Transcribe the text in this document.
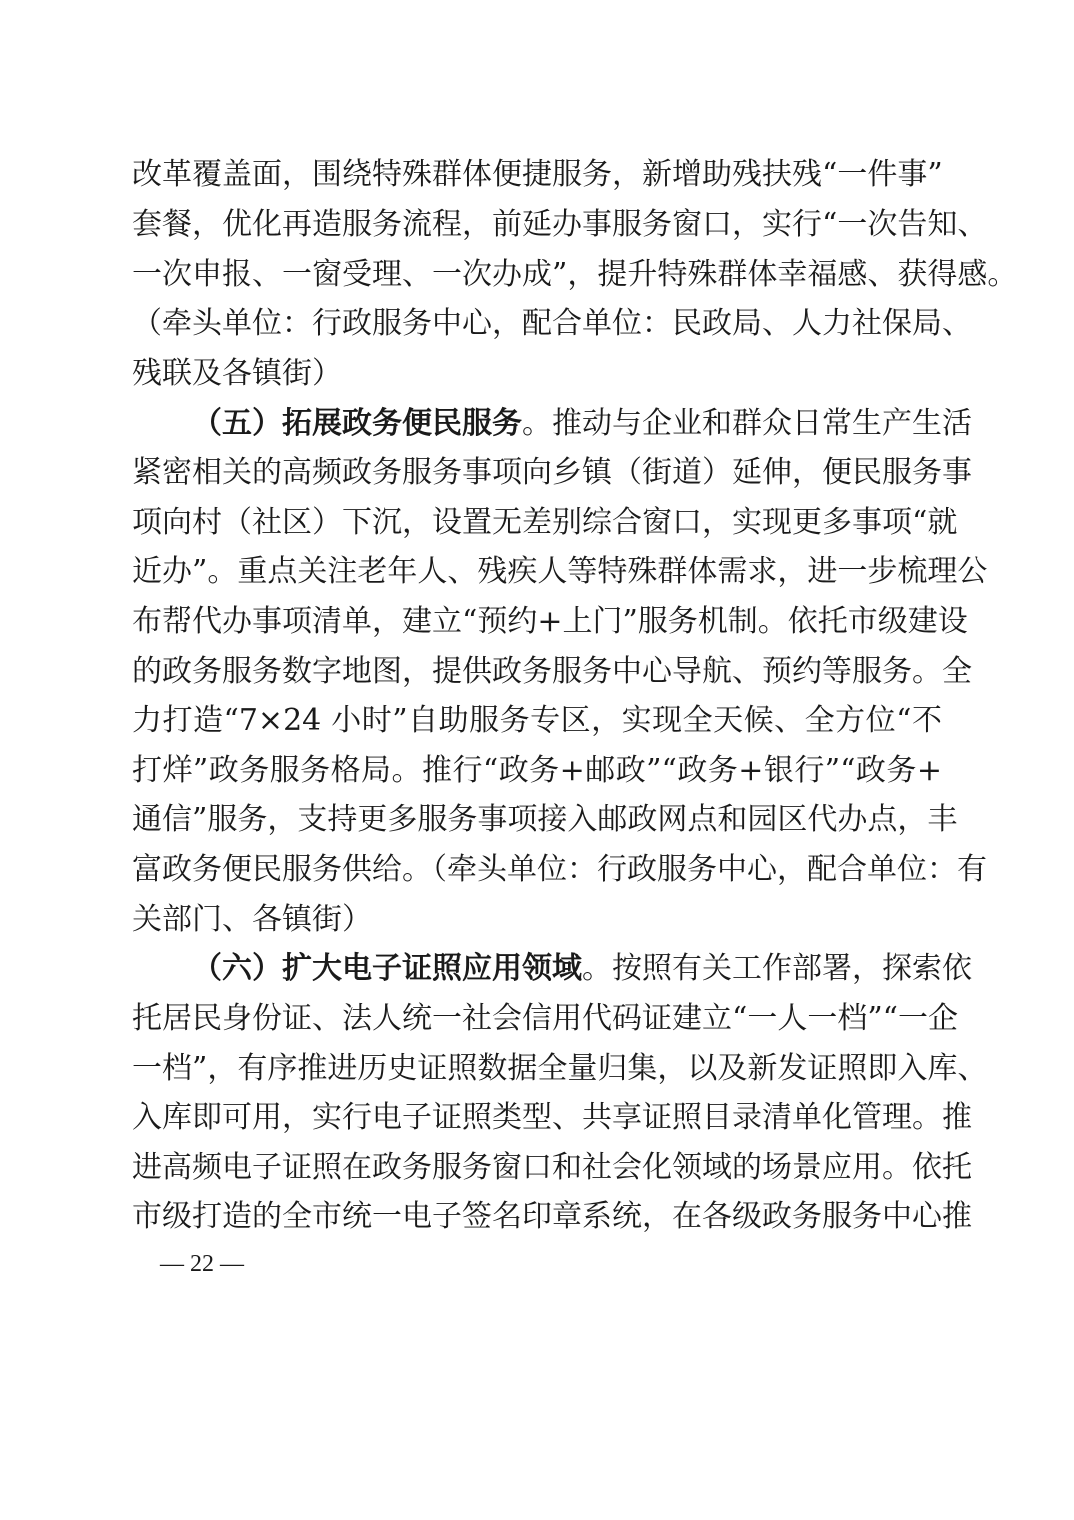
改革覆盖面，围绕特殊群体便捷服务，新增助残扶残“一件事”
套餐，优化再造服务流程，前延办事服务窗口，实行“一次告知、
一次申报、一窗受理、一次办成”，提升特殊群体幸福感、获得感。
（牵头单位：行政服务中心，配合单位：民政局、人力社保局、
残联及各镇街）
（五）拓展政务便民服务。推动与企业和群众日常生产生活
紧密相关的高频政务服务事项向乡镇（街道）延伸，便民服务事
项向村（社区）下沉，设置无差别综合窗口，实现更多事项“就
近办”。重点关注老年人、残疾人等特殊群体需求，进一步梳理公
布帮代办事项清单，建立“预约+上门”服务机制。依托市级建设
的政务服务数字地图，提供政务服务中心导航、预约等服务。全
力打造“7×24 小时”自助服务专区，实现全天候、全方位“不
打烊”政务服务格局。推行“政务+邮政”“政务+银行”“政务+
通信”服务，支持更多服务事项接入邮政网点和园区代办点，丰
富政务便民服务供给。（牵头单位：行政服务中心，配合单位：有
关部门、各镇街）
（六）扩大电子证照应用领域。按照有关工作部署，探索依
托居民身份证、法人统一社会信用代码证建立“一人一档”“一企
一档”，有序推进历史证照数据全量归集，以及新发证照即入库、
入库即可用，实行电子证照类型、共享证照目录清单化管理。推
进高频电子证照在政务服务窗口和社会化领域的场景应用。依托
市级打造的全市统一电子签名印章系统，在各级政务服务中心推
— 22 —
